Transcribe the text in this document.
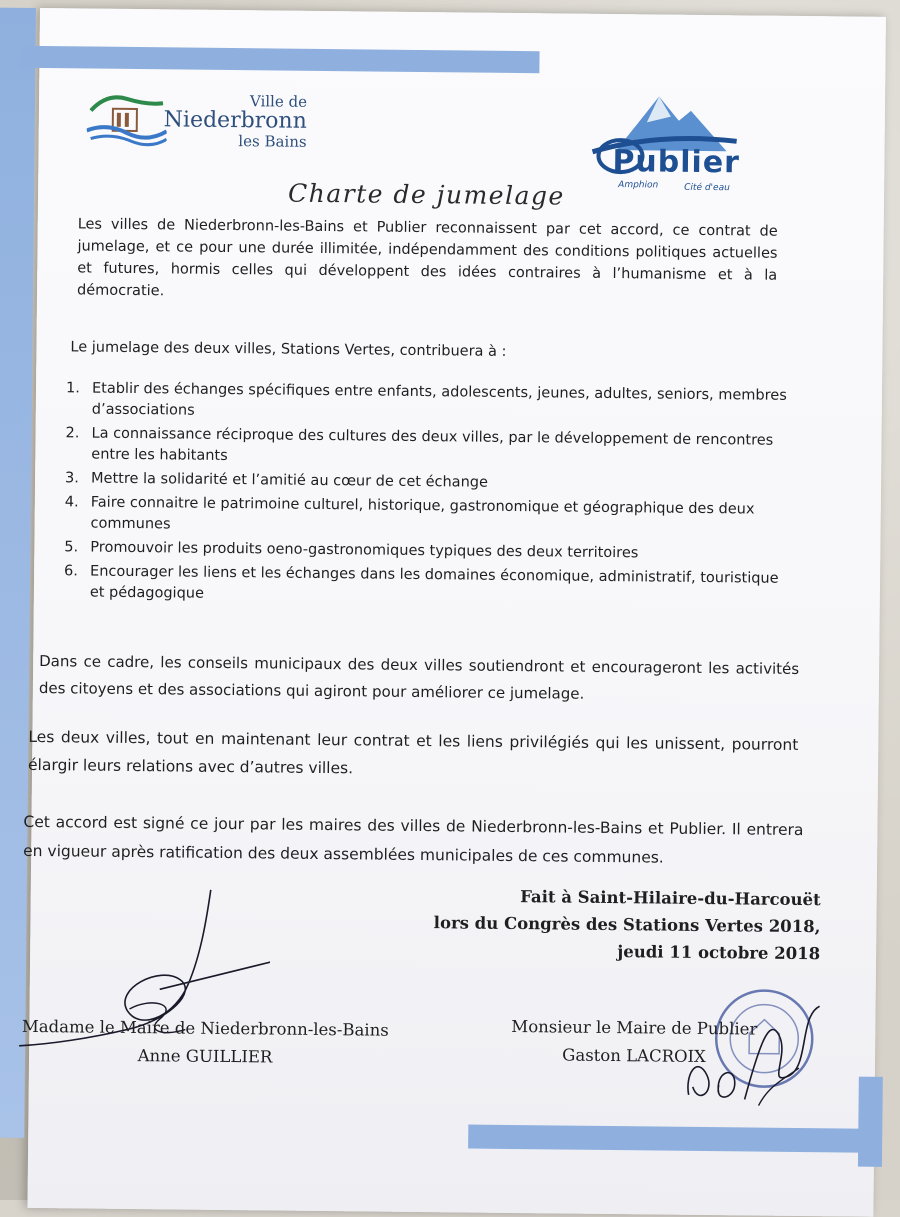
Ville de
Niederbronn
les Bains
Publier
Amphion	Cité d'eau
Charte de jumelage
Les villes de Niederbronn-les-Bains et Publier reconnaissent par cet accord, ce contrat de jumelage, et ce pour une durée illimitée, indépendamment des conditions politiques actuelles et futures, hormis celles qui développent des idées contraires à l’humanisme et à la démocratie.
Le jumelage des deux villes, Stations Vertes, contribuera à :
1. Etablir des échanges spécifiques entre enfants, adolescents, jeunes, adultes, seniors, membres d’associations
2. La connaissance réciproque des cultures des deux villes, par le développement de rencontres entre les habitants
3. Mettre la solidarité et l’amitié au cœur de cet échange
4. Faire connaitre le patrimoine culturel, historique, gastronomique et géographique des deux communes
5. Promouvoir les produits oeno-gastronomiques typiques des deux territoires
6. Encourager les liens et les échanges dans les domaines économique, administratif, touristique et pédagogique
Dans ce cadre, les conseils municipaux des deux villes soutiendront et encourageront les activités des citoyens et des associations qui agiront pour améliorer ce jumelage.
Les deux villes, tout en maintenant leur contrat et les liens privilégiés qui les unissent, pourront élargir leurs relations avec d’autres villes.
Cet accord est signé ce jour par les maires des villes de Niederbronn-les-Bains et Publier. Il entrera en vigueur après ratification des deux assemblées municipales de ces communes.
Fait à Saint-Hilaire-du-Harcouët
lors du Congrès des Stations Vertes 2018,
jeudi 11 octobre 2018
Madame le Maire de Niederbronn-les-Bains
Anne GUILLIER
Monsieur le Maire de Publier
Gaston LACROIX
